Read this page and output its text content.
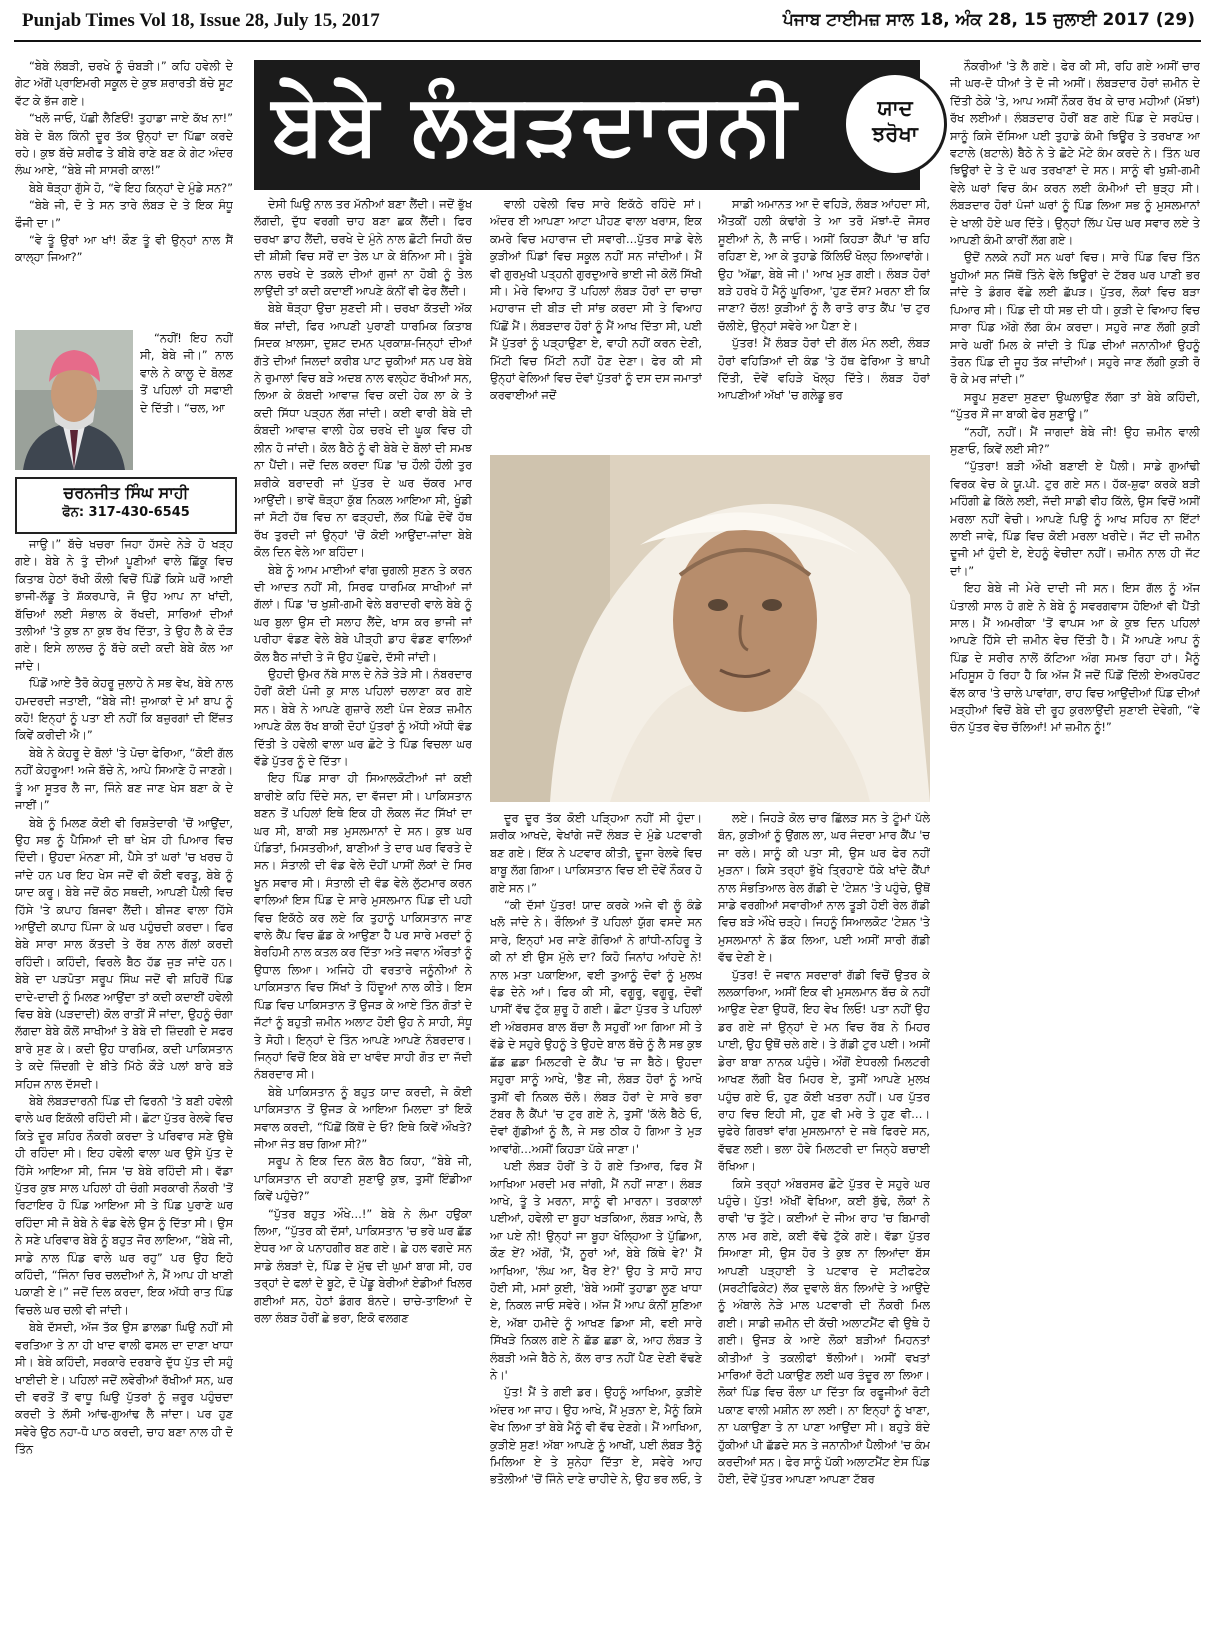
Punjab Times Vol 18, Issue 28, July 15, 2017	ਪੰਜਾਬ ਟਾਈਮਜ਼ ਸਾਲ 18, ਅੰਕ 28, 15 ਜੁਲਾਈ 2017 (29)
ਬੇਬੇ ਲੰਬੜਦਾਰਨੀ	ਯਾਦ
ਝਰੋਖਾ
ਚਰਨਜੀਤ ਸਿੰਘ ਸਾਹੀ
ਫੋਨ: 317-430-6545

“ਬੇਬੇ ਲੰਬੜੀ, ਚਰਖੇ ਨੂੰ ਚੰਬੜੀ।” ਕਹਿ ਹਵੇਲੀ ਦੇ ਗੇਟ ਅੱਗੋਂ ਪ੍ਰਾਇਮਰੀ ਸਕੂਲ ਦੇ ਕੁਝ ਸ਼ਰਾਰਤੀ ਬੱਚੇ ਸੂਟ ਵੱਟ ਕੇ ਭੱਜ ਗਏ।

“ਖਲੋ ਜਾਓ, ਪੱਛੀ ਲੈਣਿਓਂ! ਤੁਹਾਡਾ ਜਾਏ ਕੱਖ ਨਾ!” ਬੇਬੇ ਦੇ ਬੋਲ ਕਿੰਨੀ ਦੂਰ ਤੱਕ ਉਨ੍ਹਾਂ ਦਾ ਪਿੱਛਾ ਕਰਦੇ ਰਹੇ। ਕੁਝ ਬੱਚੇ ਸ਼ਰੀਫ ਤੇ ਬੀਬੇ ਰਾਣੇ ਬਣ ਕੇ ਗੇਟ ਅੰਦਰ ਲੰਘ ਆਏ, “ਬੇਬੇ ਜੀ ਸਾਸਰੀ ਕਾਲ!”

ਬੇਬੇ ਥੋੜ੍ਹਾ ਗੁੱਸੇ ਹੋ, “ਵੇ ਇਹ ਕਿਨ੍ਹਾਂ ਦੇ ਮੁੰਡੇ ਸਨ?”

“ਬੇਬੇ ਜੀ, ਦੋ ਤੇ ਸਨ ਤਾਰੇ ਲੰਬੜ ਦੇ ਤੇ ਇਕ ਸੰਧੂ ਫੌਜੀ ਦਾ।”

“ਵੇ ਤੂੰ ਉਰਾਂ ਆ ਖਾਂ! ਕੌਣ ਤੂੰ ਵੀ ਉਨ੍ਹਾਂ ਨਾਲ ਸੈਂ ਕਾਲ੍ਹਾ ਜਿਆ?”

“ਨਹੀਂ! ਇਹ ਨਹੀਂ ਸੀ, ਬੇਬੇ ਜੀ।” ਨਾਲ ਵਾਲੇ ਨੇ ਕਾਲੂ ਦੇ ਬੋਲਣ ਤੋਂ ਪਹਿਲਾਂ ਹੀ ਸਫਾਈ ਦੇ ਦਿੱਤੀ। “ਚਲ, ਆ

ਜਾਉ।” ਬੱਚੇ ਖਚਰਾ ਜਿਹਾ ਹੱਸਦੇ ਨੇੜੇ ਹੋ ਖੜ੍ਹ ਗਏ। ਬੇਬੇ ਨੇ ਤੁੰ ਦੀਆਂ ਪੂਣੀਆਂ ਵਾਲੇ ਛਿੱਕੂ ਵਿਚ ਕਿਤਾਬ ਹੇਠਾਂ ਰੱਖੀ ਕੌਲੀ ਵਿਚੋਂ ਪਿੰਡੋਂ ਕਿਸੇ ਘਰੋਂ ਆਈ ਭਾਜੀ-ਲੱਡੂ ਤੇ ਸ਼ੱਕਰਪਾਰੇ, ਜੋ ਉਹ ਆਪ ਨਾ ਖਾਂਦੀ, ਬੱਚਿਆਂ ਲਈ ਸੰਭਾਲ ਕੇ ਰੱਖਦੀ, ਸਾਰਿਆਂ ਦੀਆਂ ਤਲੀਆਂ 'ਤੇ ਕੁਝ ਨਾ ਕੁਝ ਰੱਖ ਦਿੱਤਾ, ਤੇ ਉਹ ਲੈ ਕੇ ਦੌੜ ਗਏ। ਇਸੇ ਲਾਲਚ ਨੂੰ ਬੱਚੇ ਕਦੀ ਕਦੀ ਬੇਬੇ ਕੋਲ ਆ ਜਾਂਦੇ।

ਪਿੰਡੋਂ ਆਏ ਤੈਰੋ ਕੇਹਰੂ ਜੁਲਾਹੇ ਨੇ ਸਭ ਵੇਖ, ਬੇਬੇ ਨਾਲ ਹਮਦਰਦੀ ਜਤਾਈ, “ਬੇਬੇ ਜੀ! ਜੁਆਕਾਂ ਦੇ ਮਾਂ ਬਾਪ ਨੂੰ ਕਹੋ! ਇਨ੍ਹਾਂ ਨੂੰ ਪਤਾ ਈ ਨਹੀਂ ਕਿ ਬਜ਼ੁਰਗਾਂ ਦੀ ਇੱਜ਼ਤ ਕਿਵੇਂ ਕਰੀਦੀ ਐ।”

ਬੇਬੇ ਨੇ ਕੇਹਰੂ ਦੇ ਬੋਲਾਂ 'ਤੇ ਪੋਚਾ ਫੇਰਿਆ, “ਕੋਈ ਗੱਲ ਨਹੀਂ ਕੇਹਰੂਆ! ਅਜੇ ਬੱਚੇ ਨੇ, ਆਪੇ ਸਿਆਣੇ ਹੋ ਜਾਣਗੇ। ਤੂੰ ਆ ਸੂਤਰ ਲੈ ਜਾ, ਜਿੰਨੇ ਬਣ ਜਾਣ ਖੇਸ ਬਣਾ ਕੇ ਦੇ ਜਾਈਂ।”

ਬੇਬੇ ਨੂੰ ਮਿਲਣ ਕੋਈ ਵੀ ਰਿਸ਼ਤੇਦਾਰੀ 'ਚੋਂ ਆਉਂਦਾ, ਉਹ ਸਭ ਨੂੰ ਪੈਸਿਆਂ ਦੀ ਥਾਂ ਖੇਸ ਹੀ ਪਿਆਰ ਵਿਚ ਦਿੰਦੀ। ਉਹਦਾ ਮੰਨਣਾ ਸੀ, ਪੈਸੇ ਤਾਂ ਘਰਾਂ 'ਚ ਖਰਚ ਹੋ ਜਾਂਦੇ ਹਨ ਪਰ ਇਹ ਖੇਸ ਜਦੋਂ ਵੀ ਕੋਈ ਵਰਤੂ, ਬੇਬੇ ਨੂੰ ਯਾਦ ਕਰੂ। ਬੇਬੇ ਜਦੋਂ ਕੋਠ ਸਥਦੀ, ਆਪਣੀ ਪੈਲੀ ਵਿਚ ਹਿੱਸੇ 'ਤੇ ਕਪਾਹ ਬਿਜਵਾ ਲੈਂਦੀ। ਬੀਜਣ ਵਾਲਾ ਹਿੱਸੇ ਆਉਂਦੀ ਕਪਾਹ ਪਿੰਜਾ ਕੇ ਘਰ ਪਹੁੰਚਦੀ ਕਰਦਾ। ਫਿਰ ਬੇਬੇ ਸਾਰਾ ਸਾਲ ਕੱਤਦੀ ਤੇ ਰੱਬ ਨਾਲ ਗੱਲਾਂ ਕਰਦੀ ਰਹਿੰਦੀ। ਕਹਿੰਦੀ, ਵਿਰਲੇ ਬੈਠ ਹੱਡ ਜੁੜ ਜਾਂਦੇ ਹਨ। ਬੇਬੇ ਦਾ ਪੜਪੋਤਾ ਸਰੂਪ ਸਿੰਘ ਜਦੋਂ ਵੀ ਸ਼ਹਿਰੋਂ ਪਿੰਡ ਦਾਦੇ-ਦਾਦੀ ਨੂੰ ਮਿਲਣ ਆਉਂਦਾ ਤਾਂ ਕਦੀ ਕਦਾਈਂ ਹਵੇਲੀ ਵਿਚ ਬੇਬੇ (ਪੜਦਾਦੀ) ਕੋਲ ਰਾਤੀਂ ਸੌਂ ਜਾਂਦਾ, ਉਹਨੂੰ ਚੰਗਾ ਲੱਗਦਾ ਬੇਬੇ ਕੋਲੋਂ ਸਾਖੀਆਂ ਤੇ ਬੇਬੇ ਦੀ ਜ਼ਿੰਦਗੀ ਦੇ ਸਫਰ ਬਾਰੇ ਸੁਣ ਕੇ। ਕਦੀ ਉਹ ਧਾਰਮਿਕ, ਕਦੀ ਪਾਕਿਸਤਾਨ ਤੇ ਕਦੇ ਜ਼ਿੰਦਗੀ ਦੇ ਬੀਤੇ ਮਿੱਠੇ ਕੌੜੇ ਪਲਾਂ ਬਾਰੇ ਬੜੇ ਸਹਿਜ ਨਾਲ ਦੱਸਦੀ।

ਬੇਬੇ ਲੰਬੜਦਾਰਨੀ ਪਿੰਡ ਦੀ ਫਿਰਨੀ 'ਤੇ ਬਣੀ ਹਵੇਲੀ ਵਾਲੇ ਘਰ ਇਕੱਲੀ ਰਹਿੰਦੀ ਸੀ। ਛੋਟਾ ਪੁੱਤਰ ਰੇਲਵੇ ਵਿਚ ਕਿਤੇ ਦੂਰ ਸ਼ਹਿਰ ਨੌਕਰੀ ਕਰਦਾ ਤੇ ਪਰਿਵਾਰ ਸਣੇ ਉਥੇ ਹੀ ਰਹਿੰਦਾ ਸੀ। ਇਹ ਹਵੇਲੀ ਵਾਲਾ ਘਰ ਉਸੇ ਪੁੱਤ ਦੇ ਹਿੱਸੇ ਆਇਆ ਸੀ, ਜਿਸ 'ਚ ਬੇਬੇ ਰਹਿੰਦੀ ਸੀ। ਵੱਡਾ ਪੁੱਤਰ ਕੁਝ ਸਾਲ ਪਹਿਲਾਂ ਹੀ ਚੰਗੀ ਸਰਕਾਰੀ ਨੌਕਰੀ 'ਤੋਂ ਰਿਟਾਇਰ ਹੋ ਪਿੰਡ ਆਇਆ ਸੀ ਤੇ ਪਿੰਡ ਪੁਰਾਣੇ ਘਰ ਰਹਿੰਦਾ ਸੀ ਜੋ ਬੇਬੇ ਨੇ ਵੰਡ ਵੇਲੇ ਉਸ ਨੂੰ ਦਿੱਤਾ ਸੀ। ਉਸ ਨੇ ਸਣੇ ਪਰਿਵਾਰ ਬੇਬੇ ਨੂੰ ਬਹੁਤ ਜੋਰ ਲਾਇਆ, “ਬੇਬੇ ਜੀ, ਸਾਡੇ ਨਾਲ ਪਿੰਡ ਵਾਲੇ ਘਰ ਰਹੁ” ਪਰ ਉਹ ਇਹੋ ਕਹਿੰਦੀ, “ਜਿੰਨਾ ਚਿਰ ਚਲਦੀਆਂ ਨੇ, ਮੈਂ ਆਪ ਹੀ ਖਾਣੀ ਪਕਾਣੀ ਏ।” ਜਦੋਂ ਦਿਲ ਕਰਦਾ, ਇਕ ਅੱਧੀ ਰਾਤ ਪਿੰਡ ਵਿਚਲੇ ਘਰ ਚਲੀ ਵੀ ਜਾਂਦੀ।

ਬੇਬੇ ਦੱਸਦੀ, ਅੱਜ ਤੱਕ ਉਸ ਡਾਲਡਾ ਘਿਉ ਨਹੀਂ ਸੀ ਵਰਤਿਆ ਤੇ ਨਾ ਹੀ ਖਾਦ ਵਾਲੀ ਫਸਲ ਦਾ ਦਾਣਾ ਖਾਧਾ ਸੀ। ਬੇਬੇ ਕਹਿੰਦੀ, ਸਰਕਾਰੇ ਦਰਬਾਰੇ ਦੁੱਧ ਪੁੱਤ ਦੀ ਸਹੁੰ ਖਾਈਦੀ ਏ। ਪਹਿਲਾਂ ਜਦੋਂ ਲਵੇਰੀਆਂ ਰੱਖੀਆਂ ਸਨ, ਘਰ ਦੀ ਵਰਤੋਂ ਤੋਂ ਵਾਧੂ ਘਿਉ ਪੁੱਤਰਾਂ ਨੂੰ ਜ਼ਰੂਰ ਪਹੁੰਚਦਾ ਕਰਦੀ ਤੇ ਲੱਸੀ ਆਂਢ-ਗੁਆਂਢ ਲੈ ਜਾਂਦਾ। ਪਰ ਹੁਣ ਸਵੇਰੇ ਉਠ ਨਹਾ-ਧੋ ਪਾਠ ਕਰਦੀ, ਚਾਹ ਬਣਾ ਨਾਲ ਹੀ ਦੋ ਤਿੰਨ

ਦੇਸੀ ਘਿਉ ਨਾਲ ਤਰ ਮੱਨੀਆਂ ਬਣਾ ਲੈਂਦੀ। ਜਦੋਂ ਭੁੱਖ ਲੱਗਦੀ, ਦੁੱਧ ਵਰਗੀ ਚਾਹ ਬਣਾ ਛਕ ਲੈਂਦੀ। ਫਿਰ ਚਰਖਾ ਡਾਹ ਲੈਂਦੀ, ਚਰਖੇ ਦੇ ਮੁੰਨੇ ਨਾਲ ਛੋਟੀ ਜਿਹੀ ਕੱਚ ਦੀ ਸ਼ੀਸ਼ੀ ਵਿਚ ਸਰੋਂ ਦਾ ਤੇਲ ਪਾ ਕੇ ਬੰਨਿਆ ਸੀ। ਤੂੰਬੇ ਨਾਲ ਚਰਖੇ ਦੇ ਤਕਲੇ ਦੀਆਂ ਗੁਜਾਂ ਨਾ ਹੋਬੀ ਨੂੰ ਤੇਲ ਲਾਉਂਦੀ ਤਾਂ ਕਦੀ ਕਦਾਈਂ ਆਪਣੇ ਕੰਨੀਂ ਵੀ ਫੇਰ ਲੈਂਦੀ।

ਬੇਬੇ ਥੋੜ੍ਹਾ ਉਚਾ ਸੁਣਦੀ ਸੀ। ਚਰਖਾ ਕੱਤਦੀ ਅੱਕ ਥੱਕ ਜਾਂਦੀ, ਫਿਰ ਆਪਣੀ ਪੁਰਾਣੀ ਧਾਰਮਿਕ ਕਿਤਾਬ ਸਿਦਕ ਖ਼ਾਲਸਾ, ਦੁਸ਼ਟ ਦਮਨ ਪ੍ਰਕਾਸ਼-ਜਿਨ੍ਹਾਂ ਦੀਆਂ ਗੱਤੇ ਦੀਆਂ ਜਿਲਦਾਂ ਕਰੀਬ ਪਾਟ ਚੁਕੀਆਂ ਸਨ ਪਰ ਬੇਬੇ ਨੇ ਰੁਮਾਲਾਂ ਵਿਚ ਬੜੇ ਅਦਬ ਨਾਲ ਵਲ੍ਹੇਟ ਰੱਖੀਆਂ ਸਨ, ਲਿਆ ਕੇ ਕੰਬਦੀ ਆਵਾਜ਼ ਵਿਚ ਕਦੀ ਹੇਕ ਲਾ ਕੇ ਤੇ ਕਦੀ ਸਿੱਧਾ ਪੜ੍ਹਨ ਲੱਗ ਜਾਂਦੀ। ਕਈ ਵਾਰੀ ਬੇਬੇ ਦੀ ਕੰਬਦੀ ਆਵਾਜ਼ ਵਾਲੀ ਹੇਕ ਚਰਖੇ ਦੀ ਘੂਕ ਵਿਚ ਹੀ ਲੀਨ ਹੋ ਜਾਂਦੀ। ਕੋਲ ਬੈਠੇ ਨੂੰ ਵੀ ਬੇਬੇ ਦੇ ਬੋਲਾਂ ਦੀ ਸਮਝ ਨਾ ਪੈਂਦੀ। ਜਦੋਂ ਦਿਲ ਕਰਦਾ ਪਿੰਡ 'ਚ ਹੌਲੀ ਹੌਲੀ ਤੁਰ ਸ਼ਰੀਕੇ ਬਰਾਦਰੀ ਜਾਂ ਪੁੱਤਰ ਦੇ ਘਰ ਚੱਕਰ ਮਾਰ ਆਉਂਦੀ। ਭਾਵੇਂ ਥੋੜ੍ਹਾ ਕੁੱਬ ਨਿਕਲ ਆਇਆ ਸੀ, ਖੂੰਡੀ ਜਾਂ ਸੋਟੀ ਹੱਥ ਵਿਚ ਨਾ ਫੜ੍ਹਦੀ, ਲੱਕ ਪਿੱਛੇ ਦੋਵੇਂ ਹੱਥ ਰੱਖ ਤੁਰਦੀ ਜਾਂ ਉਨ੍ਹਾਂ 'ਚੋਂ ਕੋਈ ਆਉਂਦਾ-ਜਾਂਦਾ ਬੇਬੇ ਕੋਲ ਦਿਨ ਵੇਲੇ ਆ ਬਹਿੰਦਾ।

ਬੇਬੇ ਨੂੰ ਆਮ ਮਾਈਆਂ ਵਾਂਗ ਚੁਗਲੀ ਸੁਣਨ ਤੇ ਕਰਨ ਦੀ ਆਦਤ ਨਹੀਂ ਸੀ, ਸਿਰਫ ਧਾਰਮਿਕ ਸਾਖੀਆਂ ਜਾਂ ਗੱਲਾਂ। ਪਿੰਡ 'ਚ ਖੁਸ਼ੀ-ਗਮੀ ਵੇਲੇ ਬਰਾਦਰੀ ਵਾਲੇ ਬੇਬੇ ਨੂੰ ਘਰ ਬੁਲਾ ਉਸ ਦੀ ਸਲਾਹ ਲੈਂਦੇ, ਖਾਸ ਕਰ ਭਾਜੀ ਜਾਂ ਪਰੀਹਾ ਵੰਡਣ ਵੇਲੇ ਬੇਬੇ ਪੀੜ੍ਹੀ ਡਾਹ ਵੰਡਣ ਵਾਲਿਆਂ ਕੋਲ ਬੈਠ ਜਾਂਦੀ ਤੇ ਜੋ ਉਹ ਪੁੱਛਦੇ, ਦੱਸੀ ਜਾਂਦੀ।

ਉਹਦੀ ਉਮਰ ਨੱਬੇ ਸਾਲ ਦੇ ਨੇੜੇ ਤੇੜੇ ਸੀ। ਨੰਬਰਦਾਰ ਹੋਰੀਂ ਕੋਈ ਪੰਜੀ ਕੁ ਸਾਲ ਪਹਿਲਾਂ ਚਲਾਣਾ ਕਰ ਗਏ ਸਨ। ਬੇਬੇ ਨੇ ਆਪਣੇ ਗੁਜ਼ਾਰੇ ਲਈ ਪੰਜ ਏਕੜ ਜ਼ਮੀਨ ਆਪਣੇ ਕੋਲ ਰੱਖ ਬਾਕੀ ਦੋਹਾਂ ਪੁੱਤਰਾਂ ਨੂੰ ਅੱਧੀ ਅੱਧੀ ਵੰਡ ਦਿੱਤੀ ਤੇ ਹਵੇਲੀ ਵਾਲਾ ਘਰ ਛੋਟੇ ਤੇ ਪਿੰਡ ਵਿਚਲਾ ਘਰ ਵੱਡੇ ਪੁੱਤਰ ਨੂੰ ਦੇ ਦਿੱਤਾ।

ਇਹ ਪਿੰਡ ਸਾਰਾ ਹੀ ਸਿਆਲਕੋਟੀਆਂ ਜਾਂ ਕਈ ਬਾਰੀਏ ਕਹਿ ਦਿੰਦੇ ਸਨ, ਦਾ ਵੱਜਦਾ ਸੀ। ਪਾਕਿਸਤਾਨ ਬਣਨ ਤੋਂ ਪਹਿਲਾਂ ਇਥੇ ਇਕ ਹੀ ਲੋਕਲ ਜੱਟ ਸਿੱਖਾਂ ਦਾ ਘਰ ਸੀ, ਬਾਕੀ ਸਭ ਮੁਸਲਮਾਨਾਂ ਦੇ ਸਨ। ਕੁਝ ਘਰ ਪੰਡਿਤਾਂ, ਮਿਸਤਰੀਆਂ, ਬਾਣੀਆਂ ਤੇ ਦਾਰ ਘਰ ਵਿਰਤੇ ਦੇ ਸਨ। ਸੰਤਾਲੀ ਦੀ ਵੰਡ ਵੇਲੇ ਦੋਹੀਂ ਪਾਸੀਂ ਲੋਕਾਂ ਦੇ ਸਿਰ ਖੂਨ ਸਵਾਰ ਸੀ। ਸੰਤਾਲੀ ਦੀ ਵੰਡ ਵੇਲੇ ਲੁੱਟਮਾਰ ਕਰਨ ਵਾਲਿਆਂ ਇਸ ਪਿੰਡ ਦੇ ਸਾਰੇ ਮੁਸਲਮਾਨ ਪਿੰਡ ਦੀ ਪਹੀ ਵਿਚ ਇਕੱਠੇ ਕਰ ਲਏ ਕਿ ਤੁਹਾਨੂੰ ਪਾਕਿਸਤਾਨ ਜਾਣ ਵਾਲੇ ਕੈਂਪ ਵਿਚ ਛੱਡ ਕੇ ਆਉਣਾ ਹੈ ਪਰ ਸਾਰੇ ਮਰਦਾਂ ਨੂੰ ਬੇਰਹਿਮੀ ਨਾਲ ਕਤਲ ਕਰ ਦਿੱਤਾ ਅਤੇ ਜਵਾਨ ਔਰਤਾਂ ਨੂੰ ਉਧਾਲ ਲਿਆ। ਅਜਿਹੇ ਹੀ ਵਰਤਾਰੇ ਜਨੂੰਨੀਆਂ ਨੇ ਪਾਕਿਸਤਾਨ ਵਿਚ ਸਿੱਖਾਂ ਤੇ ਹਿੰਦੂਆਂ ਨਾਲ ਕੀਤੇ। ਇਸ ਪਿੰਡ ਵਿਚ ਪਾਕਿਸਤਾਨ ਤੋਂ ਉਜੜ ਕੇ ਆਏ ਤਿੰਨ ਗੋਤਾਂ ਦੇ ਜੱਟਾਂ ਨੂੰ ਬਹੁਤੀ ਜ਼ਮੀਨ ਅਲਾਟ ਹੋਈ ਉਹ ਨੇ ਸਾਹੀ, ਸੰਧੂ ਤੇ ਸੋਹੀ। ਇਨ੍ਹਾਂ ਦੇ ਤਿੰਨ ਆਪਣੇ ਆਪਣੇ ਨੰਬਰਦਾਰ। ਜਿਨ੍ਹਾਂ ਵਿਚੋਂ ਇਕ ਬੇਬੇ ਦਾ ਖਾਵੰਦ ਸਾਹੀ ਗੋਤ ਦਾ ਜੱਦੀ ਨੰਬਰਦਾਰ ਸੀ।

ਬੇਬੇ ਪਾਕਿਸਤਾਨ ਨੂੰ ਬਹੁਤ ਯਾਦ ਕਰਦੀ, ਜੇ ਕੋਈ ਪਾਕਿਸਤਾਨ ਤੋਂ ਉਜੜ ਕੇ ਆਇਆ ਮਿਲਦਾ ਤਾਂ ਇਕੋ ਸਵਾਲ ਕਰਦੀ, “ਪਿੱਛੋਂ ਕਿੱਥੋਂ ਦੇ ਓ? ਇਥੇ ਕਿਵੇਂ ਔਖਤੇ? ਜੀਆ ਜੰਤ ਬਚ ਗਿਆ ਸੀ?”

ਸਰੂਪ ਨੇ ਇਕ ਦਿਨ ਕੋਲ ਬੈਠ ਕਿਹਾ, “ਬੇਬੇ ਜੀ, ਪਾਕਿਸਤਾਨ ਦੀ ਕਹਾਣੀ ਸੁਣਾਉ ਕੁਝ, ਤੁਸੀਂ ਇੰਡੀਆ ਕਿਵੇਂ ਪਹੁੰਚੇ?”

“ਪੁੱਤਰ ਬਹੁਤ ਔਖੇ…!” ਬੇਬੇ ਨੇ ਲੰਮਾ ਹਉਕਾ ਲਿਆ, “ਪੁੱਤਰ ਕੀ ਦੱਸਾਂ, ਪਾਕਿਸਤਾਨ 'ਚ ਭਰੇ ਘਰ ਛੱਡ ਏਧਰ ਆ ਕੇ ਪਨਾਹਗੀਰ ਬਣ ਗਏ। ਛੇ ਹਲ ਵਗਦੇ ਸਨ ਸਾਡੇ ਲੰਬੜਾਂ ਦੇ, ਪਿੰਡ ਦੇ ਮੁੱਢ ਦੀ ਘੁਮਾਂ ਬਾਗ ਸੀ, ਹਰ ਤਰ੍ਹਾਂ ਦੇ ਫਲਾਂ ਦੇ ਬੂਟੇ, ਦੋ ਪੇਂਡੂ ਬੇਰੀਆਂ ਏਡੀਆਂ ਖਿਲਰ ਗਈਆਂ ਸਨ, ਹੇਠਾਂ ਡੰਗਰ ਬੰਨਦੇ। ਚਾਚੇ-ਤਾਇਆਂ ਦੇ ਰਲਾ ਲੰਬੜ ਹੋਰੀਂ ਛੇ ਭਰਾ, ਇਕੋ ਵਲਗਣ

ਵਾਲੀ ਹਵੇਲੀ ਵਿਚ ਸਾਰੇ ਇਕੱਠੇ ਰਹਿੰਦੇ ਸਾਂ। ਅੰਦਰ ਈ ਆਪਣਾ ਆਟਾ ਪੀਹਣ ਵਾਲਾ ਖਰਾਸ, ਇਕ ਕਮਰੇ ਵਿਚ ਮਹਾਰਾਜ ਦੀ ਸਵਾਰੀ…ਪੁੱਤਰ ਸਾਡੇ ਵੇਲੇ ਕੁੜੀਆਂ ਪਿੰਡਾਂ ਵਿਚ ਸਕੂਲ ਨਹੀਂ ਸਨ ਜਾਂਦੀਆਂ। ਮੈਂ ਵੀ ਗੁਰਮੁਖੀ ਪਤ੍ਹਨੀ ਗੁਰਦੁਆਰੇ ਭਾਈ ਜੀ ਕੋਲੋਂ ਸਿੱਖੀ ਸੀ। ਮੇਰੇ ਵਿਆਹ ਤੋਂ ਪਹਿਲਾਂ ਲੰਬੜ ਹੋਰਾਂ ਦਾ ਚਾਚਾ ਮਹਾਰਾਜ ਦੀ ਬੀੜ ਦੀ ਸਾਂਭ ਕਰਦਾ ਸੀ ਤੇ ਵਿਆਹ ਪਿੱਛੋਂ ਮੈਂ। ਲੰਬੜਦਾਰ ਹੋਰਾਂ ਨੂੰ ਮੈਂ ਆਖ ਦਿੱਤਾ ਸੀ, ਪਈ ਮੈਂ ਪੁੱਤਰਾਂ ਨੂੰ ਪੜ੍ਹਾਉਣਾ ਏ, ਵਾਹੀ ਨਹੀਂ ਕਰਨ ਦੇਣੀ, ਮਿੱਟੀ ਵਿਚ ਮਿੱਟੀ ਨਹੀਂ ਹੋਣ ਦੇਣਾ। ਫੇਰ ਕੀ ਸੀ ਉਨ੍ਹਾਂ ਵੇਲਿਆਂ ਵਿਚ ਦੋਵਾਂ ਪੁੱਤਰਾਂ ਨੂੰ ਦਸ ਦਸ ਜਮਾਤਾਂ ਕਰਵਾਈਆਂ ਜਦੋਂ

ਸਾਡੀ ਅਮਾਨਤ ਆ ਦੋ ਵਹਿੜੇ, ਲੰਬੜ ਆਂਹਦਾ ਸੀ, ਐਤਕੀਂ ਹਲੀ ਕੰਢਾਂਗੇ ਤੇ ਆ ਤਰੋ ਮੱਝਾਂ-ਦੋ ਜੋਸਰ ਸੂਈਆਂ ਨੇ, ਲੈ ਜਾਓ। ਅਸੀਂ ਕਿਹੜਾ ਕੈਂਪਾਂ 'ਚ ਬਹਿ ਰਹਿਣਾ ਏ, ਆ ਕੇ ਤੁਹਾਡੇ ਕਿੱਲਿਓਂ ਖੋਲ੍ਹ ਲਿਆਵਾਂਗੇ। ਉਹ 'ਅੱਛਾ, ਬੇਬੇ ਜੀ।' ਆਖ ਮੁੜ ਗਈ। ਲੰਬੜ ਹੋਰਾਂ ਬੜੇ ਹਰਖੇ ਹੋ ਮੈਨੂੰ ਘੂਰਿਆ, 'ਹੁਣ ਦੱਸ? ਮਰਨਾ ਈ ਕਿ ਜਾਣਾ? ਚੱਲ! ਕੁੜੀਆਂ ਨੂੰ ਲੈ ਰਾਤੋ ਰਾਤ ਕੈਂਪ 'ਚ ਟੁਰ ਚੱਲੀਏ, ਉਨ੍ਹਾਂ ਸਵੇਰੇ ਆ ਪੈਣਾ ਏ।

ਪੁੱਤਰ! ਮੈਂ ਲੰਬੜ ਹੋਰਾਂ ਦੀ ਗੱਲ ਮੰਨ ਲਈ, ਲੰਬੜ ਹੋਰਾਂ ਵਹਿੜਿਆਂ ਦੀ ਕੰਡ 'ਤੇ ਹੱਥ ਫੇਰਿਆ ਤੇ ਥਾਪੀ ਦਿੱਤੀ, ਦੋਵੇਂ ਵਹਿੜੇ ਖੋਲ੍ਹ ਦਿੱਤੇ। ਲੰਬੜ ਹੋਰਾਂ ਆਪਣੀਆਂ ਅੱਖਾਂ 'ਚ ਗਲੇਡੂ ਭਰ

ਦੂਰ ਦੂਰ ਤੱਕ ਕੋਈ ਪੜ੍ਹਿਆ ਨਹੀਂ ਸੀ ਹੁੰਦਾ। ਸ਼ਰੀਕ ਆਖਦੇ, ਵੇਖਾਂਗੇ ਜਦੋਂ ਲੰਬੜ ਦੇ ਮੁੰਡੇ ਪਟਵਾਰੀ ਬਣ ਗਏ। ਇੱਕ ਨੇ ਪਟਵਾਰ ਕੀਤੀ, ਦੂਜਾ ਰੇਲਵੇ ਵਿਚ ਬਾਬੂ ਲੱਗ ਗਿਆ। ਪਾਕਿਸਤਾਨ ਵਿਚ ਈ ਦੋਵੇਂ ਨੌਕਰ ਹੋ ਗਏ ਸਨ।”

“ਕੀ ਦੱਸਾਂ ਪੁੱਤਰ! ਯਾਦ ਕਰਕੇ ਅਜੇ ਵੀ ਲੂੰ ਕੰਡੇ ਖਲੋ ਜਾਂਦੇ ਨੇ। ਰੌਲਿਆਂ ਤੋਂ ਪਹਿਲਾਂ ਯੁੱਗ ਵਸਦੇ ਸਨ ਸਾਰੇ, ਇਨ੍ਹਾਂ ਮਰ ਜਾਣੇ ਗੋਰਿਆਂ ਨੇ ਗਾਂਧੀ-ਨਹਿਰੂ ਤੇ ਕੀ ਨਾਂ ਈ ਉਸ ਮੁੱਲੇ ਦਾ? ਕਿਹੋ ਜਿਨਾਂਹ ਆਂਹਦੇ ਨੇ! ਨਾਲ ਮਤਾ ਪਕਾਇਆ, ਵਈ ਤੁਆਨੂੰ ਦੋਵਾਂ ਨੂੰ ਮੁਲਖ ਵੰਡ ਦੇਨੇ ਆਂ। ਫਿਰ ਕੀ ਸੀ, ਵਗੂਰੂ, ਵਗੂਰੂ, ਦੋਵੀਂ ਪਾਸੀਂ ਵੱਢ ਟੁੱਕ ਸ਼ੁਰੂ ਹੋ ਗਈ। ਛੋਟਾ ਪੁੱਤਰ ਤੇ ਪਹਿਲਾਂ ਈ ਅੰਬਰਸਰ ਬਾਲ ਬੱਚਾ ਲੈ ਸਹੁਰੀਂ ਆ ਗਿਆ ਸੀ ਤੇ ਵੱਡੇ ਦੇ ਸਹੁਰੇ ਉਹਨੂੰ ਤੇ ਉਹਦੇ ਬਾਲ ਬੱਚੇ ਨੂੰ ਲੈ ਸਭ ਕੁਝ ਛੱਡ ਛਡਾ ਮਿਲਟਰੀ ਦੇ ਕੈਂਪ 'ਚ ਜਾ ਬੈਠੇ। ਉਹਦਾ ਸਹੁਰਾ ਸਾਨੂੰ ਆਖੇ, 'ਭੈਣ ਜੀ, ਲੰਬੜ ਹੋਰਾਂ ਨੂੰ ਆਖੋ ਤੁਸੀਂ ਵੀ ਨਿਕਲ ਚੱਲੋ। ਲੰਬੜ ਹੋਰਾਂ ਦੇ ਸਾਰੇ ਭਰਾ ਟੱਬਰ ਲੈ ਕੈਂਪਾਂ 'ਚ ਟੁਰ ਗਏ ਨੇ, ਤੁਸੀਂ 'ਕੱਲੇ ਬੈਠੇ ਓ, ਦੋਵਾਂ ਗੁੱਡੀਆਂ ਨੂੰ ਲੈ, ਜੇ ਸਭ ਠੀਕ ਹੋ ਗਿਆ ਤੇ ਮੁੜ ਆਵਾਂਗੇ…ਅਸੀਂ ਕਿਹੜਾ ਪੱਕੇ ਜਾਣਾ।'

ਪਈ ਲੰਬੜ ਹੋਰੀਂ ਤੇ ਹੋ ਗਏ ਤਿਆਰ, ਫਿਰ ਮੈਂ ਆਖਿਆ ਮਰਦੀ ਮਰ ਜਾਂਗੀ, ਮੈਂ ਨਹੀਂ ਜਾਣਾ। ਲੰਬੜ ਆਖੇ, ਤੂੰ ਤੇ ਮਰਨਾ, ਸਾਨੂੰ ਵੀ ਮਾਰਨਾ। ਤਰਕਾਲਾਂ ਪਈਆਂ, ਹਵੇਲੀ ਦਾ ਬੂਹਾ ਖੜਕਿਆ, ਲੰਬੜ ਆਖੇ, ਲੈ ਆ ਪਏ ਨੀ! ਉਨ੍ਹਾਂ ਜਾ ਬੂਹਾ ਖੋਲ੍ਹਿਆ ਤੇ ਪੁੱਛਿਆ, ਕੌਣ ਏਂ? ਅੱਗੋਂ, 'ਮੈਂ, ਨੂਰਾਂ ਆਂ, ਬੇਬੇ ਕਿੱਥੇ ਵੇ?' ਮੈਂ ਆਖਿਆ, 'ਲੰਘ ਆ, ਖੈਰ ਏ?' ਉਹ ਤੇ ਸਾਹੋ ਸਾਹ ਹੋਈ ਸੀ, ਮਸਾਂ ਕੁਈ, 'ਬੇਬੇ ਅਸੀਂ ਤੁਹਾਡਾ ਲੂਣ ਖਾਧਾ ਏ, ਨਿਕਲ ਜਾਓ ਸਵੇਰੇ। ਅੱਜ ਮੈਂ ਆਪ ਕੰਨੀਂ ਸੁਣਿਆ ਏ, ਅੱਬਾ ਹਮੀਦੇ ਨੂੰ ਆਖਣ ਡਿਆ ਸੀ, ਵਈ ਸਾਰੇ ਸਿੱਖੜੇ ਨਿਕਲ ਗਏ ਨੇ ਛੱਡ ਛਡਾ ਕੇ, ਆਹ ਲੰਬੜ ਤੇ ਲੰਬੜੀ ਅਜੇ ਬੈਠੇ ਨੇ, ਕੱਲ ਰਾਤ ਨਹੀਂ ਪੈਣ ਦੇਣੀ ਵੱਢਣੇ ਨੇ।'

ਪੁੱਤ! ਮੈਂ ਤੇ ਗਈ ਡਰ। ਉਹਨੂੰ ਆਖਿਆ, ਕੁੜੀਏ ਅੰਦਰ ਆ ਜਾਹ। ਉਹ ਆਖੇ, ਮੈਂ ਮੁੜਨਾ ਏ, ਮੈਨੂੰ ਕਿਸੇ ਵੇਖ ਲਿਆ ਤਾਂ ਬੇਬੇ ਮੈਨੂੰ ਵੀ ਵੱਢ ਦੇਣਗੇ। ਮੈਂ ਆਖਿਆ, ਕੁੜੀਏ ਸੁਣ! ਅੱਬਾ ਆਪਣੇ ਨੂੰ ਆਖੀਂ, ਪਈ ਲੰਬੜ ਤੈਨੂੰ ਮਿਲਿਆ ਏ ਤੇ ਸੁਨੇਹਾ ਦਿੱਤਾ ਏ, ਸਵੇਰੇ ਆਹ ਭਤੋਲੀਆਂ 'ਚੋਂ ਜਿੰਨੇ ਦਾਣੇ ਚਾਹੀਦੇ ਨੇ, ਉਹ ਭਰ ਲਓ, ਤੇ

ਲਏ। ਜਿਹੜੇ ਕੋਲ ਚਾਰ ਛਿੱਲੜ ਸਨ ਤੇ ਟੂੰਮਾਂ ਪੱਲੇ ਬੰਨ, ਕੁੜੀਆਂ ਨੂੰ ਉਂਗਲ ਲਾ, ਘਰ ਜੰਦਰਾ ਮਾਰ ਕੈਂਪ 'ਚ ਜਾ ਰਲੇ। ਸਾਨੂੰ ਕੀ ਪਤਾ ਸੀ, ਉਸ ਘਰ ਫੇਰ ਨਹੀਂ ਮੁੜਨਾ। ਕਿਸੇ ਤਰ੍ਹਾਂ ਭੁੱਖੇ ਤ੍ਰਿਹਾਏ ਧੱਕੇ ਖਾਂਦੇ ਕੈਂਪਾਂ ਨਾਲ ਸੰਭਤਿਆਲ ਰੇਲ ਗੱਡੀ ਦੇ 'ਟੇਸ਼ਨ 'ਤੇ ਪਹੁੰਚੇ, ਉਥੋਂ ਸਾਡੇ ਵਰਗੀਆਂ ਸਵਾਰੀਆਂ ਨਾਲ ਤੂੜੀ ਹੋਈ ਰੇਲ ਗੱਡੀ ਵਿਚ ਬੜੇ ਔਖੇ ਚੜ੍ਹੇ। ਜਿਹਨੂੰ ਸਿਆਲਕੋਟ 'ਟੇਸ਼ਨ 'ਤੇ ਮੁਸਲਮਾਨਾਂ ਨੇ ਡੱਕ ਲਿਆ, ਪਈ ਅਸੀਂ ਸਾਰੀ ਗੱਡੀ ਵੱਢ ਦੇਣੀ ਏ।

ਪੁੱਤਰ! ਦੋ ਜਵਾਨ ਸਰਦਾਰਾਂ ਗੱਡੀ ਵਿਚੋਂ ਉਤਰ ਕੇ ਲਲਕਾਰਿਆ, ਅਸੀਂ ਇਕ ਵੀ ਮੁਸਲਮਾਨ ਬੱਚ ਕੇ ਨਹੀਂ ਆਉਣ ਦੇਣਾ ਉਧਰੋਂ, ਇਹ ਵੇਖ ਲਿਓ! ਪਤਾ ਨਹੀਂ ਉਹ ਡਰ ਗਏ ਜਾਂ ਉਨ੍ਹਾਂ ਦੇ ਮਨ ਵਿਚ ਰੱਬ ਨੇ ਮਿਹਰ ਪਾਈ, ਉਹ ਉਥੋਂ ਚਲੇ ਗਏ। ਤੇ ਗੱਡੀ ਟੁਰ ਪਈ। ਅਸੀਂ ਡੇਰਾ ਬਾਬਾ ਨਾਨਕ ਪਹੁੰਚੇ। ਔਗੋਂ ਏਧਰਲੀ ਮਿਲਟਰੀ ਆਖਣ ਲੱਗੀ ਖੈਰ ਮਿਹਰ ਏ, ਤੁਸੀਂ ਆਪਣੇ ਮੁਲਖ ਪਹੁੰਚ ਗਏ ਓ, ਹੁਣ ਕੋਈ ਖਤਰਾ ਨਹੀਂ। ਪਰ ਪੁੱਤਰ ਰਾਹ ਵਿਚ ਇਹੀ ਸੀ, ਹੁਣ ਵੀ ਮਰੇ ਤੇ ਹੁਣ ਵੀ…। ਚੁਫੇਰੇ ਗਿਰਝਾਂ ਵਾਂਗ ਮੁਸਲਮਾਨਾਂ ਦੇ ਜਥੇ ਫਿਰਦੇ ਸਨ, ਵੱਢਣ ਲਈ। ਭਲਾ ਹੋਵੇ ਮਿਲਟਰੀ ਦਾ ਜਿਨ੍ਹੇ ਬਚਾਈ ਰੱਖਿਆ।

ਕਿਸੇ ਤਰ੍ਹਾਂ ਅੰਬਰਸਰ ਛੋਟੇ ਪੁੱਤਰ ਦੇ ਸਹੁਰੇ ਘਰ ਪਹੁੰਚੇ। ਪੁੱਤ! ਅੱਖੀਂ ਵੇਖਿਆ, ਕਈ ਬੁੱਢੇ, ਲੋਕਾਂ ਨੇ ਰਾਵੀ 'ਚ ਤੁੱਟੇ। ਕਈਆਂ ਦੇ ਜੀਅ ਰਾਹ 'ਚ ਬਿਮਾਰੀ ਨਾਲ ਮਰ ਗਏ, ਕਈ ਵੱਢੇ ਟੁੱਕੇ ਗਏ। ਵੱਡਾ ਪੁੱਤਰ ਸਿਆਣਾ ਸੀ, ਉਸ ਹੋਰ ਤੇ ਕੁਝ ਨਾ ਲਿਆਂਦਾ ਬੱਸ ਆਪਣੀ ਪੜ੍ਹਾਈ ਤੇ ਪਟਵਾਰ ਦੇ ਸਟੀਫਟੇਕ (ਸਰਟੀਫਿਕੇਟ) ਲੱਕ ਦੁਵਾਲੇ ਬੰਨ ਲਿਆਂਦੇ ਤੇ ਆਉਂਦੇ ਨੂੰ ਅੰਬਾਲੇ ਨੇੜੇ ਮਾਲ ਪਟਵਾਰੀ ਦੀ ਨੌਕਰੀ ਮਿਲ ਗਈ। ਸਾਡੀ ਜ਼ਮੀਨ ਦੀ ਕੱਚੀ ਅਲਾਟਮੈਂਟ ਵੀ ਉਥੇ ਹੋ ਗਈ। ਉਜੜ ਕੇ ਆਏ ਲੋਕਾਂ ਬੜੀਆਂ ਮਿਹਨਤਾਂ ਕੀਤੀਆਂ ਤੇ ਤਕਲੀਫਾਂ ਝੱਲੀਆਂ। ਅਸੀਂ ਵਖਤਾਂ ਮਾਰਿਆਂ ਰੋਟੀ ਪਕਾਉਣ ਲਈ ਘਰ ਤੰਦੂਰ ਲਾ ਲਿਆ। ਲੋਕਾਂ ਪਿੰਡ ਵਿਚ ਰੌਲਾ ਪਾ ਦਿੱਤਾ ਕਿ ਰਫੂਜੀਆਂ ਰੋਟੀ ਪਕਾਣ ਵਾਲੀ ਮਸ਼ੀਨ ਲਾ ਲਈ। ਨਾ ਇਨ੍ਹਾਂ ਨੂੰ ਖਾਣਾ, ਨਾ ਪਕਾਉਣਾ ਤੇ ਨਾ ਪਾਣਾ ਆਉਂਦਾ ਸੀ। ਬਹੁਤੇ ਬੰਦੇ ਹੁੱਕੀਆਂ ਪੀ ਛੱਡਦੇ ਸਨ ਤੇ ਜਨਾਨੀਆਂ ਪੈਲੀਆਂ 'ਚ ਕੰਮ ਕਰਦੀਆਂ ਸਨ। ਫੇਰ ਸਾਨੂੰ ਪੱਕੀ ਅਲਾਟਮੈਂਟ ਏਸ ਪਿੰਡ ਹੋਈ, ਦੋਵੇਂ ਪੁੱਤਰ ਆਪਣਾ ਆਪਣਾ ਟੱਬਰ

ਨੌਕਰੀਆਂ 'ਤੇ ਲੈ ਗਏ। ਫੇਰ ਕੀ ਸੀ, ਰਹਿ ਗਏ ਅਸੀਂ ਚਾਰ ਜੀ ਘਰ-ਦੋ ਧੀਆਂ ਤੇ ਦੋ ਜੀ ਅਸੀਂ। ਲੰਬੜਦਾਰ ਹੋਰਾਂ ਜ਼ਮੀਨ ਦੇ ਦਿੱਤੀ ਠੇਕੇ 'ਤੇ, ਆਪ ਅਸੀਂ ਨੌਕਰ ਰੱਖ ਕੇ ਚਾਰ ਮਹੀਆਂ (ਮੱਝਾਂ) ਰੱਖ ਲਈਆਂ। ਲੰਬੜਦਾਰ ਹੋਰੀਂ ਬਣ ਗਏ ਪਿੰਡ ਦੇ ਸਰਪੰਚ। ਸਾਨੂੰ ਕਿਸੇ ਦੱਸਿਆ ਪਈ ਤੁਹਾਡੇ ਕੰਮੀ ਝਿਊਰ ਤੇ ਤਰਖਾਣ ਆ ਵਟਾਲੇ (ਬਟਾਲੇ) ਬੈਠੇ ਨੇ ਤੇ ਛੋਟੇ ਮੋਟੇ ਕੰਮ ਕਰਦੇ ਨੇ। ਤਿੰਨ ਘਰ ਝਿਊਰਾਂ ਦੇ ਤੇ ਦੋ ਘਰ ਤਰਖਾਣਾਂ ਦੇ ਸਨ। ਸਾਨੂੰ ਵੀ ਖੁਸ਼ੀ-ਗਮੀ ਵੇਲੇ ਘਰਾਂ ਵਿਚ ਕੰਮ ਕਰਨ ਲਈ ਕੰਮੀਆਂ ਦੀ ਥੁੜ੍ਹ ਸੀ। ਲੰਬੜਦਾਰ ਹੋਰਾਂ ਪੰਜਾਂ ਘਰਾਂ ਨੂੰ ਪਿੰਡ ਲਿਆ ਸਭ ਨੂੰ ਮੁਸਲਮਾਨਾਂ ਦੇ ਖਾਲੀ ਹੋਏ ਘਰ ਦਿੱਤੇ। ਉਨ੍ਹਾਂ ਲਿੱਪ ਪੋਚ ਘਰ ਸਵਾਰ ਲਏ ਤੇ ਆਪਣੀ ਕੰਮੀ ਕਾਰੀਂ ਲੱਗ ਗਏ।

ਉਦੋਂ ਨਲਕੇ ਨਹੀਂ ਸਨ ਘਰਾਂ ਵਿਚ। ਸਾਰੇ ਪਿੰਡ ਵਿਚ ਤਿੰਨ ਖੂਹੀਆਂ ਸਨ ਜਿੱਥੋਂ ਤਿੰਨੇ ਵੇਲੇ ਝਿਊਰਾਂ ਦੇ ਟੱਬਰ ਘਰ ਪਾਣੀ ਭਰ ਜਾਂਦੇ ਤੇ ਡੰਗਰ ਵੱਛੇ ਲਈ ਛੱਪੜ। ਪੁੱਤਰ, ਲੋਕਾਂ ਵਿਚ ਬੜਾ ਪਿਆਰ ਸੀ। ਪਿੰਡ ਦੀ ਧੀ ਸਭ ਦੀ ਧੀ। ਕੁੜੀ ਦੇ ਵਿਆਹ ਵਿਚ ਸਾਰਾ ਪਿੰਡ ਅੱਗੇ ਲੱਗ ਕੰਮ ਕਰਦਾ। ਸਹੁਰੇ ਜਾਣ ਲੱਗੀ ਕੁੜੀ ਸਾਰੇ ਘਰੀਂ ਮਿਲ ਕੇ ਜਾਂਦੀ ਤੇ ਪਿੰਡ ਦੀਆਂ ਜਨਾਨੀਆਂ ਉਹਨੂੰ ਤੋਰਨ ਪਿੰਡ ਦੀ ਜੂਹ ਤੱਕ ਜਾਂਦੀਆਂ। ਸਹੁਰੇ ਜਾਣ ਲੱਗੀ ਕੁੜੀ ਰੋ ਰੋ ਕੇ ਮਰ ਜਾਂਦੀ।”

ਸਰੂਪ ਸੁਣਦਾ ਸੁਣਦਾ ਉਘਲਾਉਣ ਲੱਗਾ ਤਾਂ ਬੇਬੇ ਕਹਿੰਦੀ, “ਪੁੱਤਰ ਸੌਂ ਜਾ ਬਾਕੀ ਫੇਰ ਸੁਣਾਊ।”

“ਨਹੀਂ, ਨਹੀਂ। ਮੈਂ ਜਾਗਦਾਂ ਬੇਬੇ ਜੀ! ਉਹ ਜ਼ਮੀਨ ਵਾਲੀ ਸੁਣਾਓ, ਕਿਵੇਂ ਲਈ ਸੀ?”

“ਪੁੱਤਰਾ! ਬੜੀ ਔਖੀ ਬਣਾਈ ਏ ਪੈਲੀ। ਸਾਡੇ ਗੁਆਂਢੀ ਵਿਰਕ ਵੇਚ ਕੇ ਯੂ.ਪੀ. ਟੁਰ ਗਏ ਸਨ। ਹੱਕ-ਸ਼ੁਫਾ ਕਰਕੇ ਬੜੀ ਮਹਿੰਗੀ ਛੇ ਕਿੱਲੇ ਲਈ, ਜੱਦੀ ਸਾਡੀ ਵੀਹ ਕਿੱਲੇ, ਉਸ ਵਿਚੋਂ ਅਸੀਂ ਮਰਲਾ ਨਹੀਂ ਵੇਚੀ। ਆਪਣੇ ਪਿਉ ਨੂੰ ਆਖ ਸਹਿਰ ਨਾ ਇੱਟਾਂ ਲਾਈ ਜਾਵੇ, ਪਿੰਡ ਵਿਚ ਕੋਈ ਮਰਲਾ ਖਰੀਦੇ। ਜੱਟ ਦੀ ਜ਼ਮੀਨ ਦੂਜੀ ਮਾਂ ਹੁੰਦੀ ਏ, ਏਹਨੂੰ ਵੇਚੀਦਾ ਨਹੀਂ। ਜ਼ਮੀਨ ਨਾਲ ਹੀ ਜੱਟ ਦਾਂ।”

ਇਹ ਬੇਬੇ ਜੀ ਮੇਰੇ ਦਾਦੀ ਜੀ ਸਨ। ਇਸ ਗੱਲ ਨੂੰ ਅੱਜ ਪੰਤਾਲੀ ਸਾਲ ਹੋ ਗਏ ਨੇ ਬੇਬੇ ਨੂੰ ਸਵਰਗਵਾਸ ਹੋਇਆਂ ਵੀ ਪੈਂਤੀ ਸਾਲ। ਮੈਂ ਅਮਰੀਕਾ 'ਤੋਂ ਵਾਪਸ ਆ ਕੇ ਕੁਝ ਦਿਨ ਪਹਿਲਾਂ ਆਪਣੇ ਹਿੱਸੇ ਦੀ ਜ਼ਮੀਨ ਵੇਚ ਦਿੱਤੀ ਹੈ। ਮੈਂ ਆਪਣੇ ਆਪ ਨੂੰ ਪਿੰਡ ਦੇ ਸਰੀਰ ਨਾਲੋਂ ਕੱਟਿਆ ਅੰਗ ਸਮਝ ਰਿਹਾ ਹਾਂ। ਮੈਨੂੰ ਮਹਿਸੂਸ ਹੋ ਰਿਹਾ ਹੈ ਕਿ ਅੱਜ ਮੈਂ ਜਦੋਂ ਪਿੰਡੋਂ ਦਿੱਲੀ ਏਅਰਪੋਰਟ ਵੱਲ ਕਾਰ 'ਤੇ ਚਾਲੇ ਪਾਵਾਂਗਾ, ਰਾਹ ਵਿਚ ਆਉਂਦੀਆਂ ਪਿੰਡ ਦੀਆਂ ਮੜ੍ਹੀਆਂ ਵਿਚੋਂ ਬੇਬੇ ਦੀ ਰੂਹ ਕੁਰਲਾਉਂਦੀ ਸੁਣਾਈ ਦੇਵੇਗੀ, “ਵੇ ਚੰਨ ਪੁੱਤਰ ਵੇਚ ਚੱਲਿਆਂ! ਮਾਂ ਜ਼ਮੀਨ ਨੂੰ!”
